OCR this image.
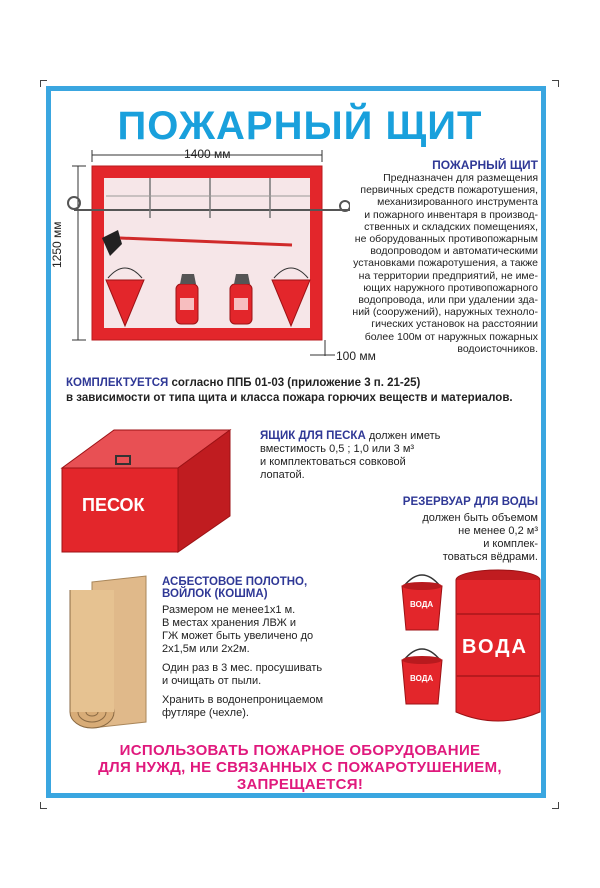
ПОЖАРНЫЙ ЩИТ
1400 мм
1250 мм
100 мм
ПОЖАРНЫЙ ЩИТ
Предназначен для размещения
первичных средств пожаротушения,
механизированного инструмента
и пожарного инвентаря в производ-
ственных и складских помещениях,
не оборудованных противопожарным
водопроводом и автоматическими
установками пожаротушения, а также
на территории предприятий, не име-
ющих наружного противопожарного
водопровода, или при удалении зда-
ний (сооружений), наружных техноло-
гических установок на расстоянии
более 100м от наружных пожарных
водоисточников.
КОМПЛЕКТУЕТСЯ согласно ППБ 01-03 (приложение 3 п. 21-25)
в зависимости от типа щита и класса пожара горючих веществ и материалов.
ПЕСОК
ЯЩИК ДЛЯ ПЕСКА должен иметь
вместимость 0,5 ; 1,0 или 3 м³
и комплектоваться совковой
лопатой.
РЕЗЕРВУАР ДЛЯ ВОДЫ
должен быть объемом
не менее 0,2 м³
и комплек-
товаться вёдрами.
АСБЕСТОВОЕ ПОЛОТНО,
ВОЙЛОК (КОШМА)
Размером не менее1х1 м.
В местах хранения ЛВЖ и
ГЖ может быть увеличено до
2х1,5м или 2х2м.
Один раз в 3 мес. просушивать
и очищать от пыли.
Хранить в водонепроницаемом
футляре (чехле).
ВОДА
ВОДА
ВОДА
ИСПОЛЬЗОВАТЬ ПОЖАРНОЕ ОБОРУДОВАНИЕ
ДЛЯ НУЖД, НЕ СВЯЗАННЫХ С ПОЖАРОТУШЕНИЕМ,
ЗАПРЕЩАЕТСЯ!
